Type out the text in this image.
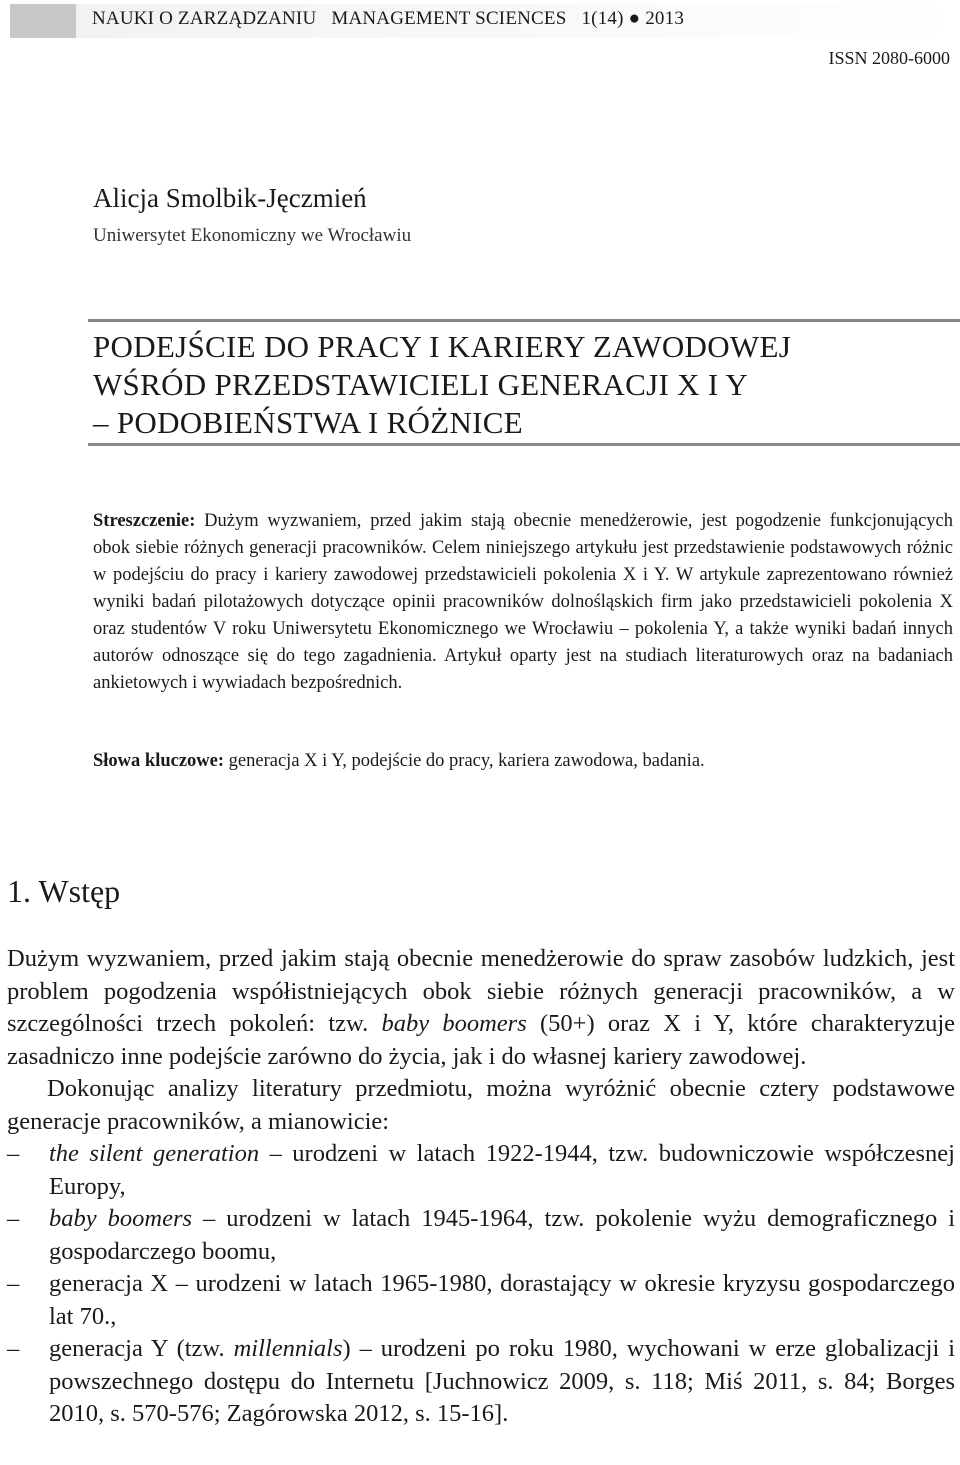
NAUKI O ZARZĄDZANIU MANAGEMENT SCIENCES 1(14) ● 2013
ISSN 2080-6000
Alicja Smolbik-Jęczmień
Uniwersytet Ekonomiczny we Wrocławiu
PODEJŚCIE DO PRACY I KARIERY ZAWODOWEJ
WŚRÓD PRZEDSTAWICIELI GENERACJI X I Y
– PODOBIEŃSTWA I RÓŻNICE
Streszczenie: Dużym wyzwaniem, przed jakim stają obecnie menedżerowie, jest pogodzenie funkcjonujących obok siebie różnych generacji pracowników. Celem niniejszego artykułu jest przedstawienie podstawowych różnic w podejściu do pracy i kariery zawodowej przedstawicieli pokolenia X i Y. W artykule zaprezentowano również wyniki badań pilotażowych dotyczące opinii pracowników dolnośląskich firm jako przedstawicieli pokolenia X oraz studentów V roku Uniwersytetu Ekonomicznego we Wrocławiu – pokolenia Y, a także wyniki badań innych autorów odnoszące się do tego zagadnienia. Artykuł oparty jest na studiach literaturowych oraz na badaniach ankietowych i wywiadach bezpośrednich.
Słowa kluczowe: generacja X i Y, podejście do pracy, kariera zawodowa, badania.
1. Wstęp

Dużym wyzwaniem, przed jakim stają obecnie menedżerowie do spraw zasobów ludzkich, jest problem pogodzenia współistniejących obok siebie różnych generacji pracowników, a w szczególności trzech pokoleń: tzw. baby boomers (50+) oraz X i Y, które charakteryzuje zasadniczo inne podejście zarówno do życia, jak i do własnej kariery zawodowej.

Dokonując analizy literatury przedmiotu, można wyróżnić obecnie cztery podstawowe generacje pracowników, a mianowicie:

– the silent generation – urodzeni w latach 1922-1944, tzw. budowniczowie współczesnej Europy,
– baby boomers – urodzeni w latach 1945-1964, tzw. pokolenie wyżu demograficznego i gospodarczego boomu,
– generacja X – urodzeni w latach 1965-1980, dorastający w okresie kryzysu gospodarczego lat 70.,
– generacja Y (tzw. millennials) – urodzeni po roku 1980, wychowani w erze globalizacji i powszechnego dostępu do Internetu [Juchnowicz 2009, s. 118; Miś 2011, s. 84; Borges 2010, s. 570-576; Zagórowska 2012, s. 15-16].
